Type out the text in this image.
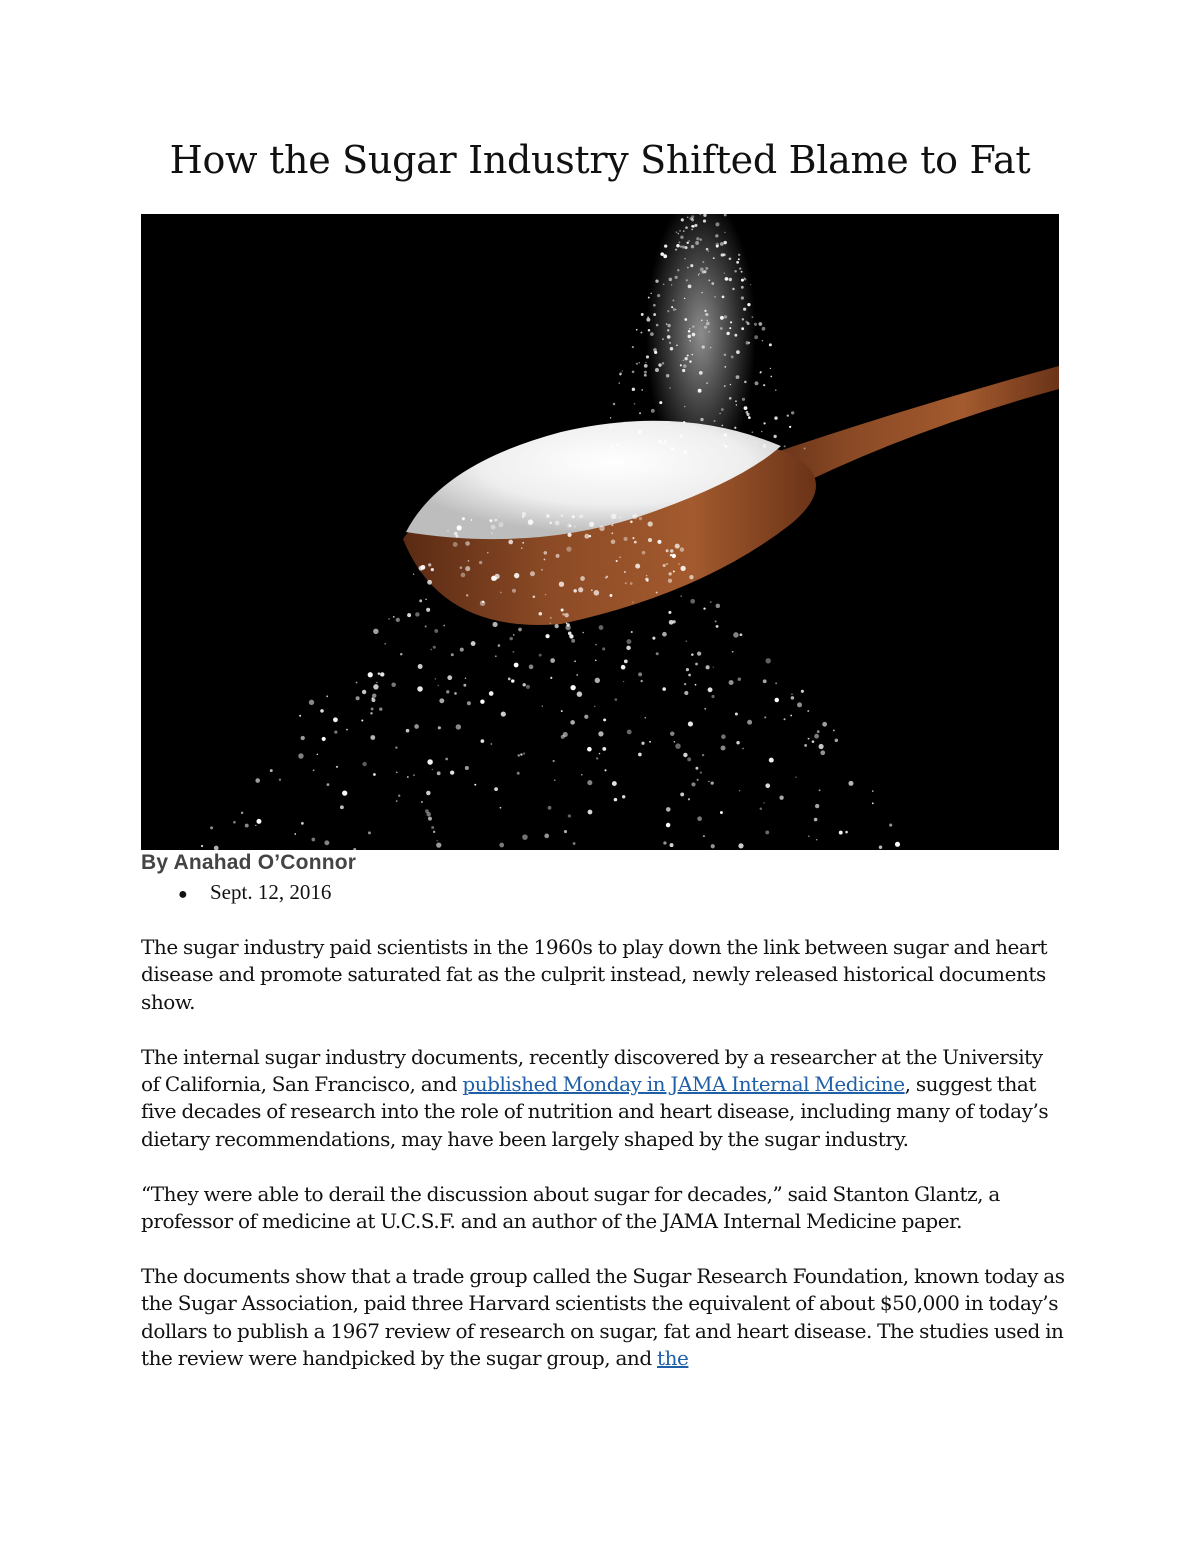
How the Sugar Industry Shifted Blame to Fat
By Anahad O’Connor
● Sept. 12, 2016

The sugar industry paid scientists in the 1960s to play down the link between sugar and heart disease and promote saturated fat as the culprit instead, newly released historical documents show.

The internal sugar industry documents, recently discovered by a researcher at the University of California, San Francisco, and published Monday in JAMA Internal Medicine, suggest that five decades of research into the role of nutrition and heart disease, including many of today’s dietary recommendations, may have been largely shaped by the sugar industry.

“They were able to derail the discussion about sugar for decades,” said Stanton Glantz, a professor of medicine at U.C.S.F. and an author of the JAMA Internal Medicine paper.

The documents show that a trade group called the Sugar Research Foundation, known today as the Sugar Association, paid three Harvard scientists the equivalent of about $50,000 in today’s dollars to publish a 1967 review of research on sugar, fat and heart disease. The studies used in the review were handpicked by the sugar group, and the
